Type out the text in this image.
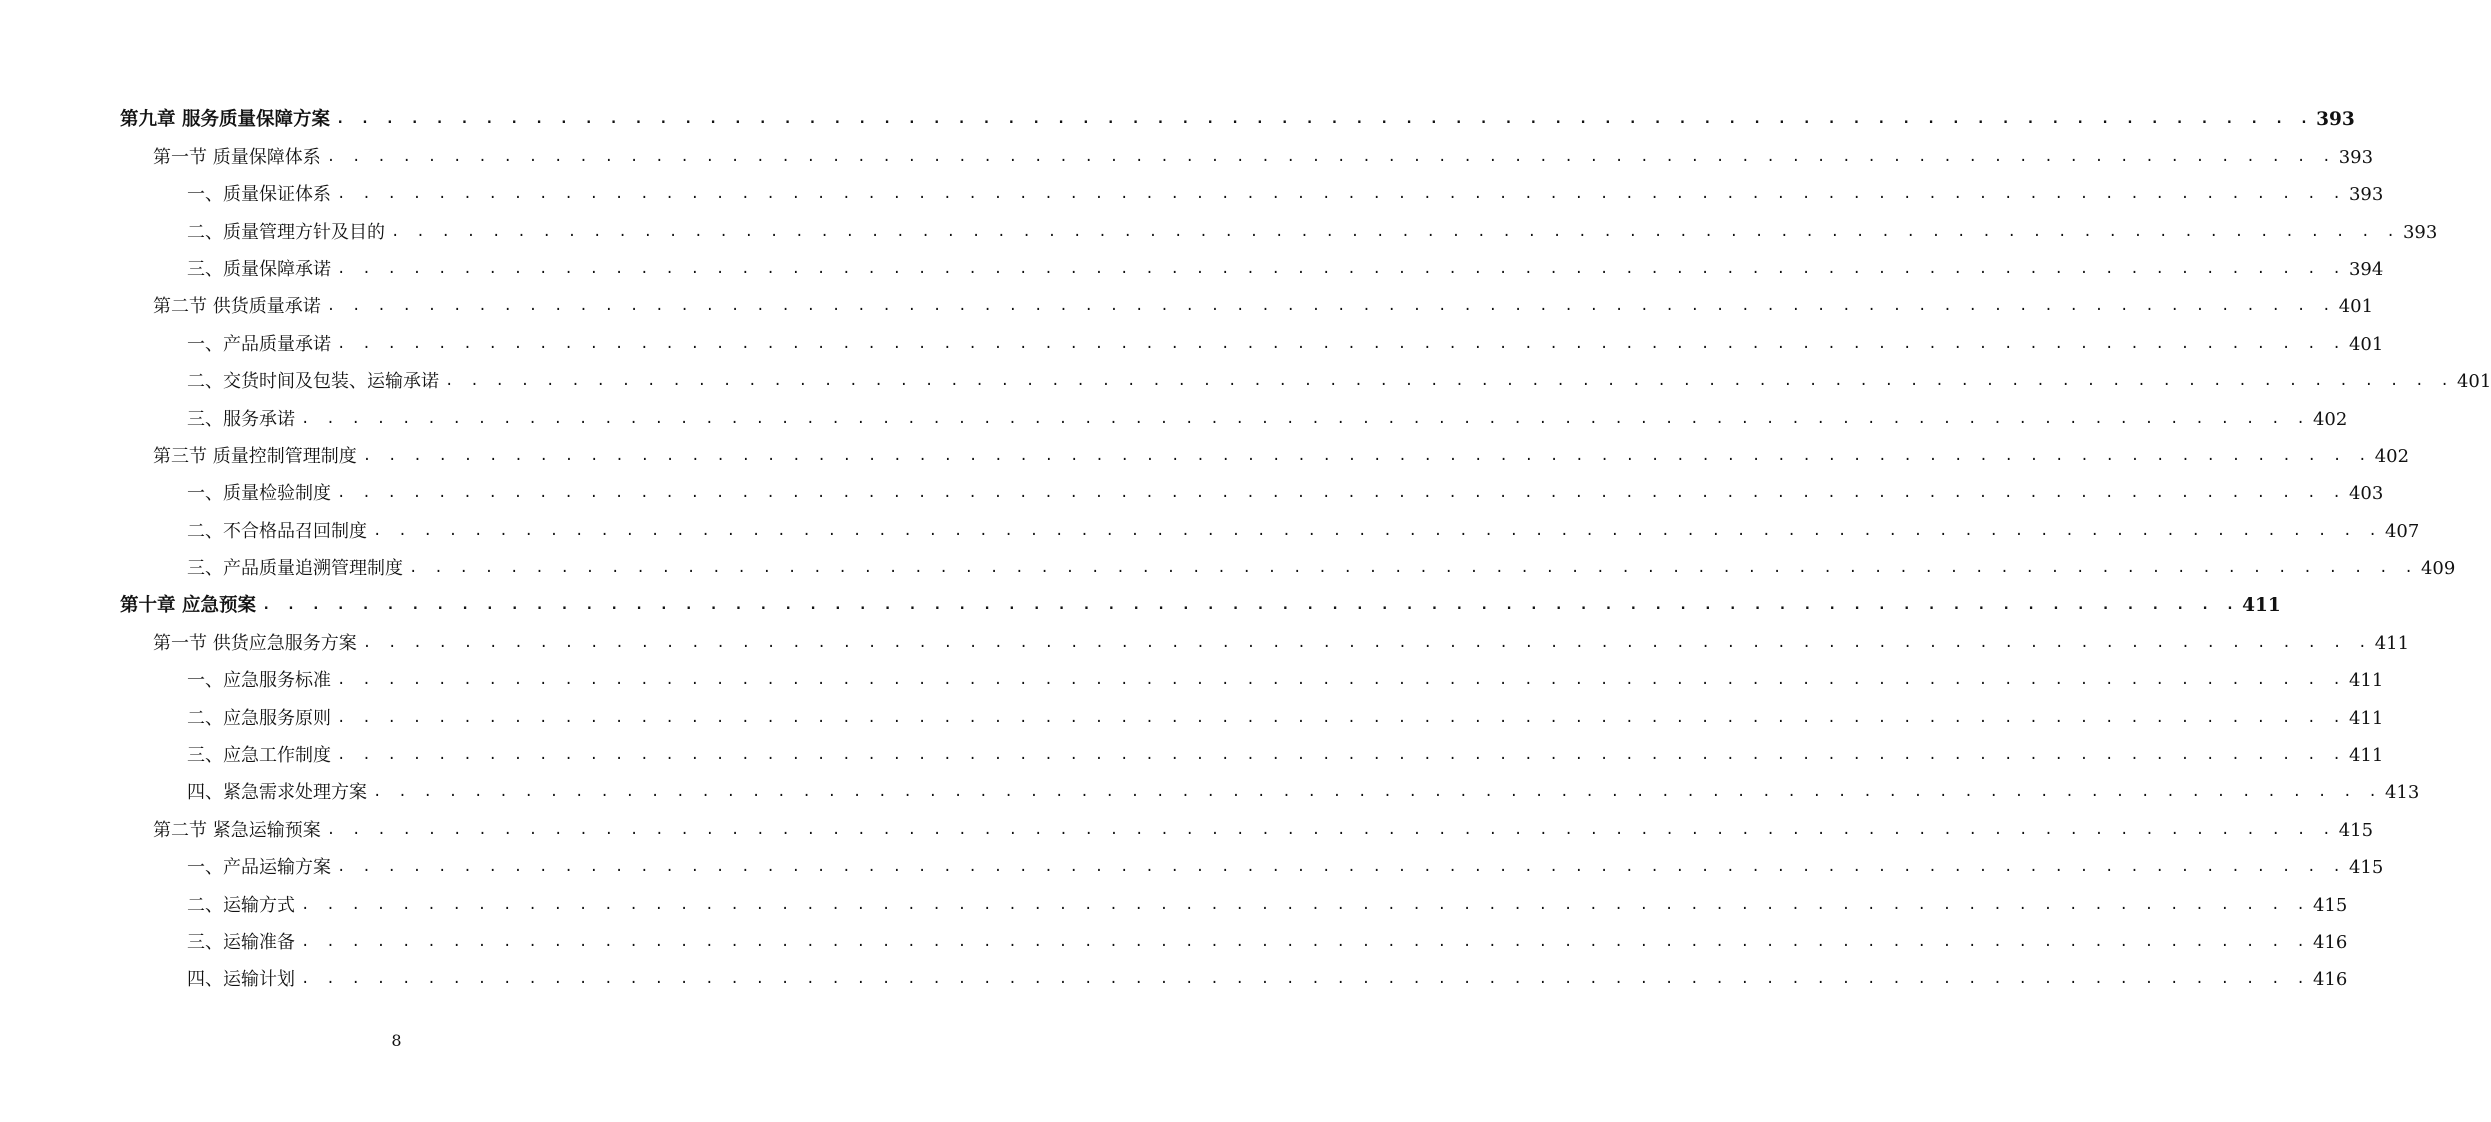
第九章 服务质量保障方案 . . . . . . . . . . . . . . . . . . . . . . . . . . . . . . . . . . . . . . . . . . . . . . . . . . . . . . . . . . . . . . . . . . . . . . . . . . . . . . . . 393
第一节 质量保障体系 . . . . . . . . . . . . . . . . . . . . . . . . . . . . . . . . . . . . . . . . . . . . . . . . . . . . . . . . . . . . . . . . . . . . . . . . . . . . . . . . 393
一、质量保证体系 . . . . . . . . . . . . . . . . . . . . . . . . . . . . . . . . . . . . . . . . . . . . . . . . . . . . . . . . . . . . . . . . . . . . . . . . . . . . . . . . 393
二、质量管理方针及目的 . . . . . . . . . . . . . . . . . . . . . . . . . . . . . . . . . . . . . . . . . . . . . . . . . . . . . . . . . . . . . . . . . . . . . . . . . . . . . . . . 393
三、质量保障承诺 . . . . . . . . . . . . . . . . . . . . . . . . . . . . . . . . . . . . . . . . . . . . . . . . . . . . . . . . . . . . . . . . . . . . . . . . . . . . . . . . 394
第二节 供货质量承诺 . . . . . . . . . . . . . . . . . . . . . . . . . . . . . . . . . . . . . . . . . . . . . . . . . . . . . . . . . . . . . . . . . . . . . . . . . . . . . . . . 401
一、产品质量承诺 . . . . . . . . . . . . . . . . . . . . . . . . . . . . . . . . . . . . . . . . . . . . . . . . . . . . . . . . . . . . . . . . . . . . . . . . . . . . . . . . 401
二、交货时间及包装、运输承诺 . . . . . . . . . . . . . . . . . . . . . . . . . . . . . . . . . . . . . . . . . . . . . . . . . . . . . . . . . . . . . . . . . . . . . . . . . . . . . . . . 401
三、服务承诺 . . . . . . . . . . . . . . . . . . . . . . . . . . . . . . . . . . . . . . . . . . . . . . . . . . . . . . . . . . . . . . . . . . . . . . . . . . . . . . . . 402
第三节 质量控制管理制度 . . . . . . . . . . . . . . . . . . . . . . . . . . . . . . . . . . . . . . . . . . . . . . . . . . . . . . . . . . . . . . . . . . . . . . . . . . . . . . . . 402
一、质量检验制度 . . . . . . . . . . . . . . . . . . . . . . . . . . . . . . . . . . . . . . . . . . . . . . . . . . . . . . . . . . . . . . . . . . . . . . . . . . . . . . . . 403
二、不合格品召回制度 . . . . . . . . . . . . . . . . . . . . . . . . . . . . . . . . . . . . . . . . . . . . . . . . . . . . . . . . . . . . . . . . . . . . . . . . . . . . . . . . 407
三、产品质量追溯管理制度 . . . . . . . . . . . . . . . . . . . . . . . . . . . . . . . . . . . . . . . . . . . . . . . . . . . . . . . . . . . . . . . . . . . . . . . . . . . . . . . . 409
第十章 应急预案 . . . . . . . . . . . . . . . . . . . . . . . . . . . . . . . . . . . . . . . . . . . . . . . . . . . . . . . . . . . . . . . . . . . . . . . . . . . . . . . . 411
第一节 供货应急服务方案 . . . . . . . . . . . . . . . . . . . . . . . . . . . . . . . . . . . . . . . . . . . . . . . . . . . . . . . . . . . . . . . . . . . . . . . . . . . . . . . . 411
一、应急服务标准 . . . . . . . . . . . . . . . . . . . . . . . . . . . . . . . . . . . . . . . . . . . . . . . . . . . . . . . . . . . . . . . . . . . . . . . . . . . . . . . . 411
二、应急服务原则 . . . . . . . . . . . . . . . . . . . . . . . . . . . . . . . . . . . . . . . . . . . . . . . . . . . . . . . . . . . . . . . . . . . . . . . . . . . . . . . . 411
三、应急工作制度 . . . . . . . . . . . . . . . . . . . . . . . . . . . . . . . . . . . . . . . . . . . . . . . . . . . . . . . . . . . . . . . . . . . . . . . . . . . . . . . . 411
四、紧急需求处理方案 . . . . . . . . . . . . . . . . . . . . . . . . . . . . . . . . . . . . . . . . . . . . . . . . . . . . . . . . . . . . . . . . . . . . . . . . . . . . . . . . 413
第二节 紧急运输预案 . . . . . . . . . . . . . . . . . . . . . . . . . . . . . . . . . . . . . . . . . . . . . . . . . . . . . . . . . . . . . . . . . . . . . . . . . . . . . . . . 415
一、产品运输方案 . . . . . . . . . . . . . . . . . . . . . . . . . . . . . . . . . . . . . . . . . . . . . . . . . . . . . . . . . . . . . . . . . . . . . . . . . . . . . . . . 415
二、运输方式 . . . . . . . . . . . . . . . . . . . . . . . . . . . . . . . . . . . . . . . . . . . . . . . . . . . . . . . . . . . . . . . . . . . . . . . . . . . . . . . . 415
三、运输准备 . . . . . . . . . . . . . . . . . . . . . . . . . . . . . . . . . . . . . . . . . . . . . . . . . . . . . . . . . . . . . . . . . . . . . . . . . . . . . . . . 416
四、运输计划 . . . . . . . . . . . . . . . . . . . . . . . . . . . . . . . . . . . . . . . . . . . . . . . . . . . . . . . . . . . . . . . . . . . . . . . . . . . . . . . . 416
8
